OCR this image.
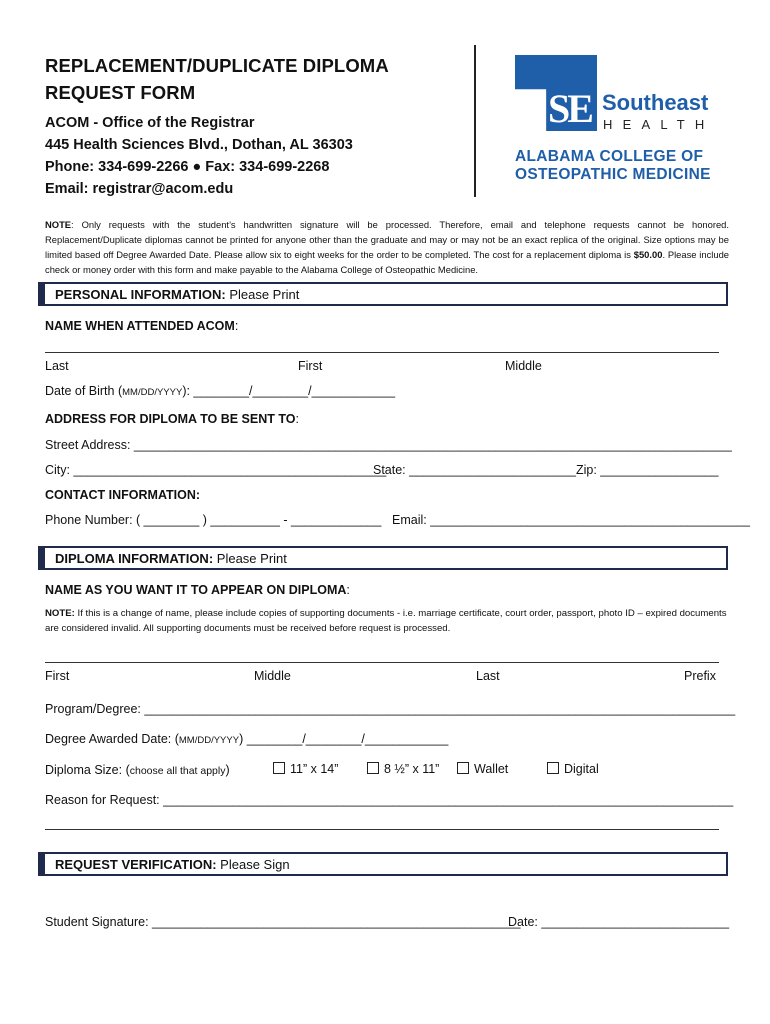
REPLACEMENT/DUPLICATE DIPLOMA
REQUEST FORM
ACOM - Office of the Registrar
445 Health Sciences Blvd., Dothan, AL 36303
Phone: 334-699-2266 ● Fax: 334-699-2268
Email: registrar@acom.edu
SE Southeast
HEALTH
ALABAMA COLLEGE OF
OSTEOPATHIC MEDICINE
NOTE: Only requests with the student’s handwritten signature will be processed. Therefore, email and telephone requests cannot be honored. Replacement/Duplicate diplomas cannot be printed for anyone other than the graduate and may or may not be an exact replica of the original. Size options may be limited based off Degree Awarded Date. Please allow six to eight weeks for the order to be completed. The cost for a replacement diploma is $50.00. Please include check or money order with this form and make payable to the Alabama College of Osteopathic Medicine.
PERSONAL INFORMATION: Please Print
NAME WHEN ATTENDED ACOM:
Last	First	Middle
Date of Birth (MM/DD/YYYY): ________/________/____________
ADDRESS FOR DIPLOMA TO BE SENT TO:
Street Address: ______________________________________________________________________________________
City: _____________________________________________
State: ________________________ Zip: _________________
CONTACT INFORMATION:
Phone Number: ( ________ ) __________ - _____________ Email: ______________________________________________
DIPLOMA INFORMATION: Please Print
NAME AS YOU WANT IT TO APPEAR ON DIPLOMA:
NOTE: If this is a change of name, please include copies of supporting documents - i.e. marriage certificate, court order, passport, photo ID – expired documents are considered invalid. All supporting documents must be received before request is processed.
First	Middle	Last	Prefix
Program/Degree: _____________________________________________________________________________________
Degree Awarded Date: (MM/DD/YYYY) ________/________/____________
Diploma Size: (choose all that apply)	11” x 14”	8 ½” x 11”	Wallet	Digital
Reason for Request: __________________________________________________________________________________
REQUEST VERIFICATION: Please Sign
Student Signature: _____________________________________________________
Date: ___________________________
